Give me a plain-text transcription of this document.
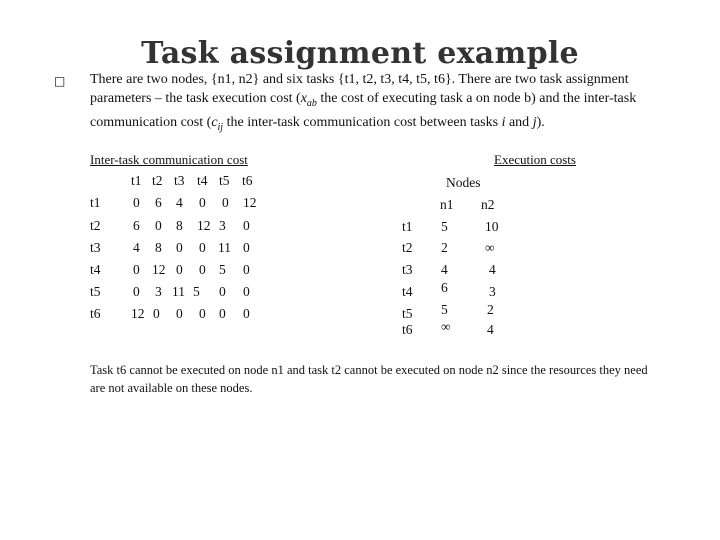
Task assignment example
□ There are two nodes, {n1, n2} and six tasks {t1, t2, t3, t4, t5, t6}. There are two task assignment parameters – the task execution cost ($x_{ab}$ the cost of executing task a on node b) and the inter-task communication cost ($c_{ij}$ the inter-task communication cost between tasks i and j).
Inter-task communication cost	Execution costs
t1 t2 t3 t4 t5 t6
t1 0 6 4 0 0 12
t2 6 0 8 12 3 0
t3 4 8 0 0 11 0
t4 0 12 0 0 5 0
t5 0 3 11 5 0 0
t6 12 0 0 0 0 0
Nodes
n1 n2
t1 5	10
t2 2	∞
t3 4	4
t4 6	3
t5 5	2
t6 ∞	4
Task t6 cannot be executed on node n1 and task t2 cannot be executed on node n2 since the resources they need are not available on these nodes.
